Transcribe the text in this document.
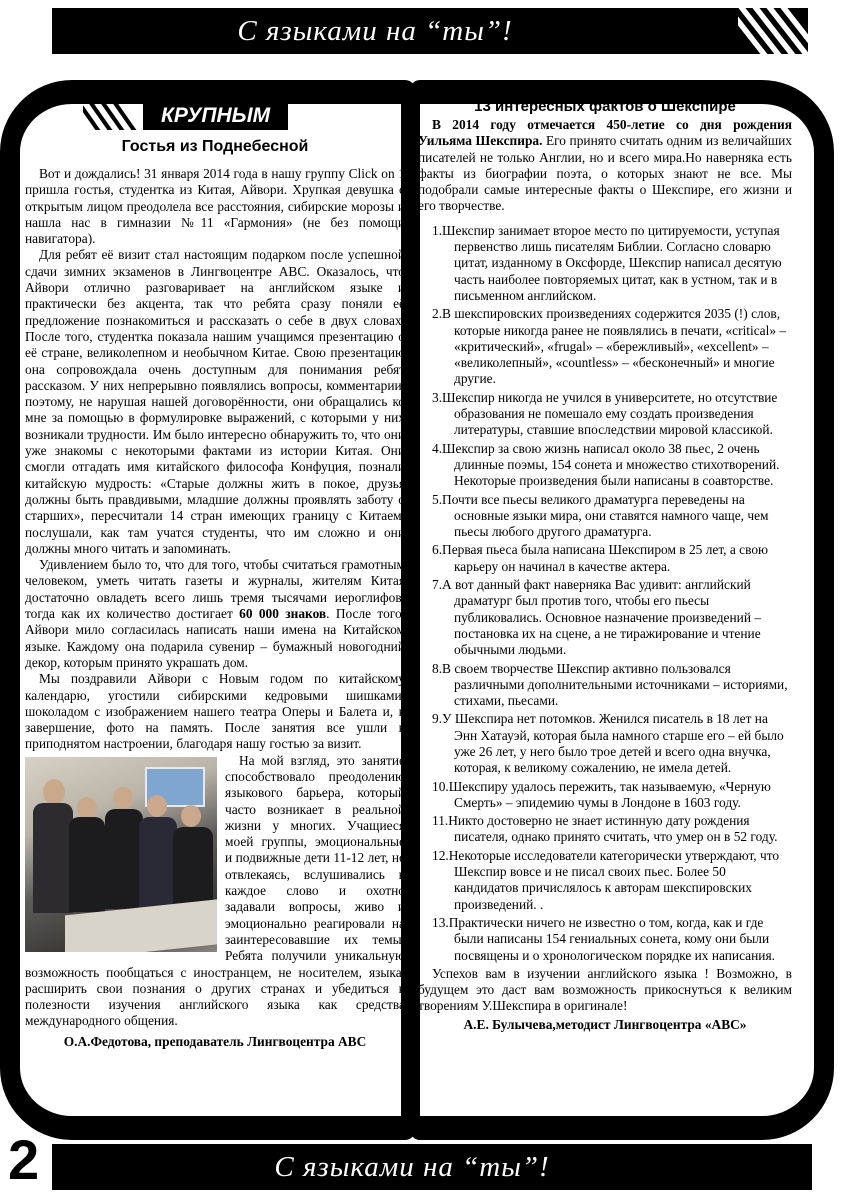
С языками на “ты”!
КРУПНЫМ
Гостья из Поднебесной

Вот и дождались! 31 января 2014 года в нашу группу Click on 1 пришла гостья, студентка из Китая, Айвори. Хрупкая девушка с открытым лицом преодолела все расстояния, сибирские морозы и нашла нас в гимназии №11 «Гармония» (не без помощи навигатора).

Для ребят её визит стал настоящим подарком после успешной сдачи зимних экзаменов в Лингвоцентре АВС. Оказалось, что Айвори отлично разговаривает на английском языке и практически без акцента, так что ребята сразу поняли её предложение познакомиться и рассказать о себе в двух словах. После того, студентка показала нашим учащимся презентацию о её стране, великолепном и необычном Китае. Свою презентацию она сопровождала очень доступным для понимания ребят рассказом. У них непрерывно появлялись вопросы, комментарии, поэтому, не нарушая нашей договорённости, они обращались ко мне за помощью в формулировке выражений, с которыми у них возникали трудности. Им было интересно обнаружить то, что они уже знакомы с некоторыми фактами из истории Китая. Они смогли отгадать имя китайского философа Конфуция, познали китайскую мудрость: «Старые должны жить в покое, друзья должны быть правдивыми, младшие должны проявлять заботу о старших», пересчитали 14 стран имеющих границу с Китаем, послушали, как там учатся студенты, что им сложно и они должны много читать и запоминать.

Удивлением было то, что для того, чтобы считаться грамотным человеком, уметь читать газеты и журналы, жителям Китая достаточно овладеть всего лишь тремя тысячами иероглифов, тогда как их количество достигает 60 000 знаков. После того, Айвори мило согласилась написать наши имена на Китайском языке. Каждому она подарила сувенир – бумажный новогодний декор, которым принято украшать дом.

Мы поздравили Айвори с Новым годом по китайскому календарю, угостили сибирскими кедровыми шишками, шоколадом с изображением нашего театра Оперы и Балета и, в завершение, фото на память. После занятия все ушли в приподнятом настроении, благодаря нашу гостью за визит.

На мой взгляд, это занятие способствовало преодолению языкового барьера, который часто возникает в реальной жизни у многих. Учащиеся моей группы, эмоциональные и подвижные дети 11-12 лет, не отвлекаясь, вслушивались в каждое слово и охотно задавали вопросы, живо и эмоционально реагировали на заинтересовавшие их темы. Ребята получили уникальную возможность пообщаться с иностранцем, не носителем, языка, расширить свои познания о других странах и убедиться в полезности изучения английского языка как средства международного общения.

О.А.Федотова, преподаватель Лингвоцентра АВС
13 интересных фактов о Шекспире

В 2014 году отмечается 450-летие со дня рождения Уильяма Шекспира. Его принято считать одним из величайших писателей не только Англии, но и всего мира.Но наверняка есть факты из биографии поэта, о которых знают не все. Мы подобрали самые интересные факты о Шекспире, его жизни и его творчестве.

1.Шекспир занимает второе место по цитируемости, уступая первенство лишь писателям Библии. Согласно словарю цитат, изданному в Оксфорде, Шекспир написал десятую часть наиболее повторяемых цитат, как в устном, так и в письменном английском.
2.В шекспировских произведениях содержится 2035 (!) слов, которые никогда ранее не появлялись в печати, «critical» – «критический», «frugal» – «бережливый», «excellent» – «великолепный», «countless» – «бесконечный» и многие другие.
3.Шекспир никогда не учился в университете, но отсутствие образования не помешало ему создать произведения литературы, ставшие впоследствии мировой классикой.
4.Шекспир за свою жизнь написал около 38 пьес, 2 очень длинные поэмы, 154 сонета и множество стихотворений. Некоторые произведения были написаны в соавторстве.
5.Почти все пьесы великого драматурга переведены на основные языки мира, они ставятся намного чаще, чем пьесы любого другого драматурга.
6.Первая пьеса была написана Шекспиром в 25 лет, а свою карьеру он начинал в качестве актера.
7.А вот данный факт наверняка Вас удивит: английский драматург был против того, чтобы его пьесы публиковались. Основное назначение произведений – постановка их на сцене, а не тиражирование и чтение обычными людьми.
8.В своем творчестве Шекспир активно пользовался различными дополнительными источниками – историями, стихами, пьесами.
9.У Шекспира нет потомков. Женился писатель в 18 лет на Энн Хатауэй, которая была намного старше его – ей было уже 26 лет, у него было трое детей и всего одна внучка, которая, к великому сожалению, не имела детей.
10.Шекспиру удалось пережить, так называемую, «Черную Смерть» – эпидемию чумы в Лондоне в 1603 году.
11.Никто достоверно не знает истинную дату рождения писателя, однако принято считать, что умер он в 52 году.
12.Некоторые исследователи категорически утверждают, что Шекспир вовсе и не писал своих пьес. Более 50 кандидатов причислялось к авторам шекспировских произведений. .
13.Практически ничего не известно о том, когда, как и где были написаны 154 гениальных сонета, кому они были посвящены и о хронологическом порядке их написания.

Успехов вам в изучении английского языка ! Возможно, в будущем это даст вам возможность прикоснуться к великим творениям У.Шекспира в оригинале!

А.Е. Булычева,методист Лингвоцентра «АВС»
2	С языками на “ты”!
